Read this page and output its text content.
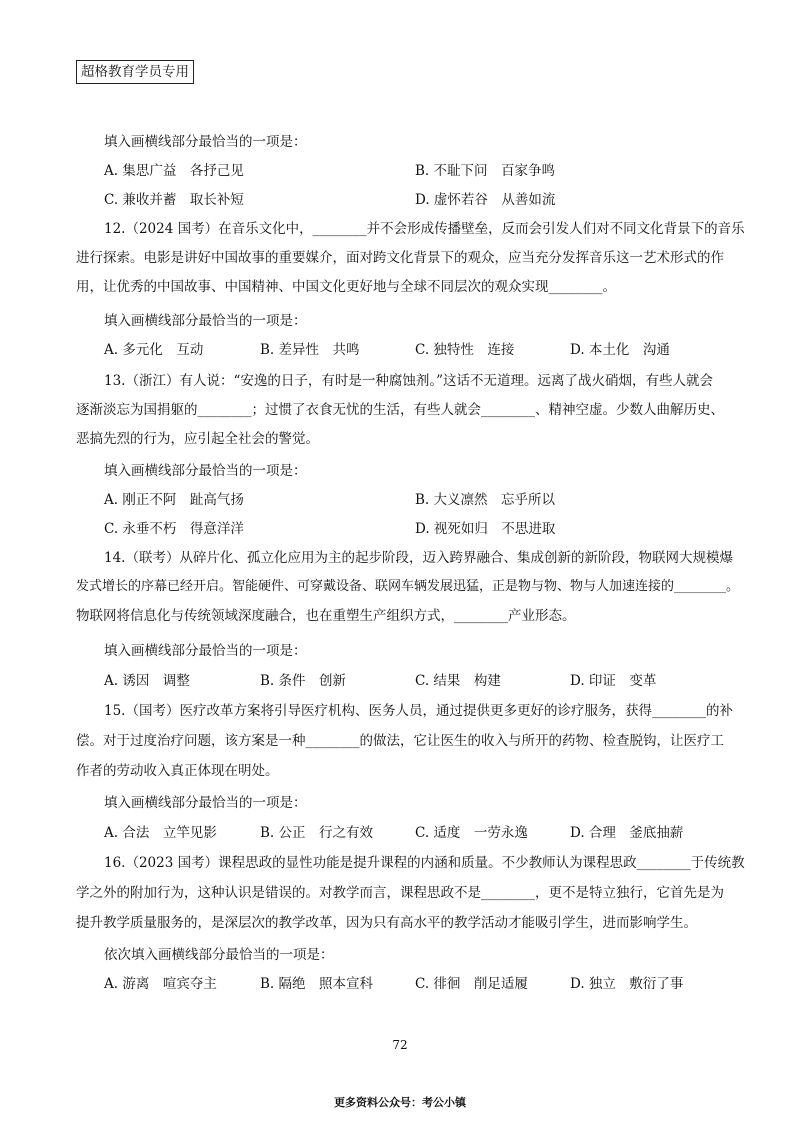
超格教育学员专用
填入画横线部分最恰当的一项是：
A. 集思广益　各抒己见	B. 不耻下问　百家争鸣
C. 兼收并蓄　取长补短	D. 虚怀若谷　从善如流
12.（2024 国考）在音乐文化中，________并不会形成传播壁垒，反而会引发人们对不同文化背景下的音乐
进行探索。电影是讲好中国故事的重要媒介，面对跨文化背景下的观众，应当充分发挥音乐这一艺术形式的作
用，让优秀的中国故事、中国精神、中国文化更好地与全球不同层次的观众实现________。
填入画横线部分最恰当的一项是：
A. 多元化　互动	B. 差异性　共鸣	C. 独特性　连接	D. 本土化　沟通
13.（浙江）有人说：“安逸的日子，有时是一种腐蚀剂。”这话不无道理。远离了战火硝烟，有些人就会
逐渐淡忘为国捐躯的________；过惯了衣食无忧的生活，有些人就会________、精神空虚。少数人曲解历史、
恶搞先烈的行为，应引起全社会的警觉。
填入画横线部分最恰当的一项是：
A. 刚正不阿　趾高气扬	B. 大义凛然　忘乎所以
C. 永垂不朽　得意洋洋	D. 视死如归　不思进取
14.（联考）从碎片化、孤立化应用为主的起步阶段，迈入跨界融合、集成创新的新阶段，物联网大规模爆
发式增长的序幕已经开启。智能硬件、可穿戴设备、联网车辆发展迅猛，正是物与物、物与人加速连接的________。
物联网将信息化与传统领域深度融合，也在重塑生产组织方式，________产业形态。
填入画横线部分最恰当的一项是：
A. 诱因　调整	B. 条件　创新	C. 结果　构建	D. 印证　变革
15.（国考）医疗改革方案将引导医疗机构、医务人员，通过提供更多更好的诊疗服务，获得________的补
偿。对于过度治疗问题，该方案是一种________的做法，它让医生的收入与所开的药物、检查脱钩，让医疗工
作者的劳动收入真正体现在明处。
填入画横线部分最恰当的一项是：
A. 合法　立竿见影	B. 公正　行之有效	C. 适度　一劳永逸	D. 合理　釜底抽薪
16.（2023 国考）课程思政的显性功能是提升课程的内涵和质量。不少教师认为课程思政________于传统教
学之外的附加行为，这种认识是错误的。对教学而言，课程思政不是________，更不是特立独行，它首先是为
提升教学质量服务的，是深层次的教学改革，因为只有高水平的教学活动才能吸引学生，进而影响学生。
依次填入画横线部分最恰当的一项是：
A. 游离　喧宾夺主	B. 隔绝　照本宣科	C. 徘徊　削足适履	D. 独立　敷衍了事
72
更多资料公众号：考公小镇
